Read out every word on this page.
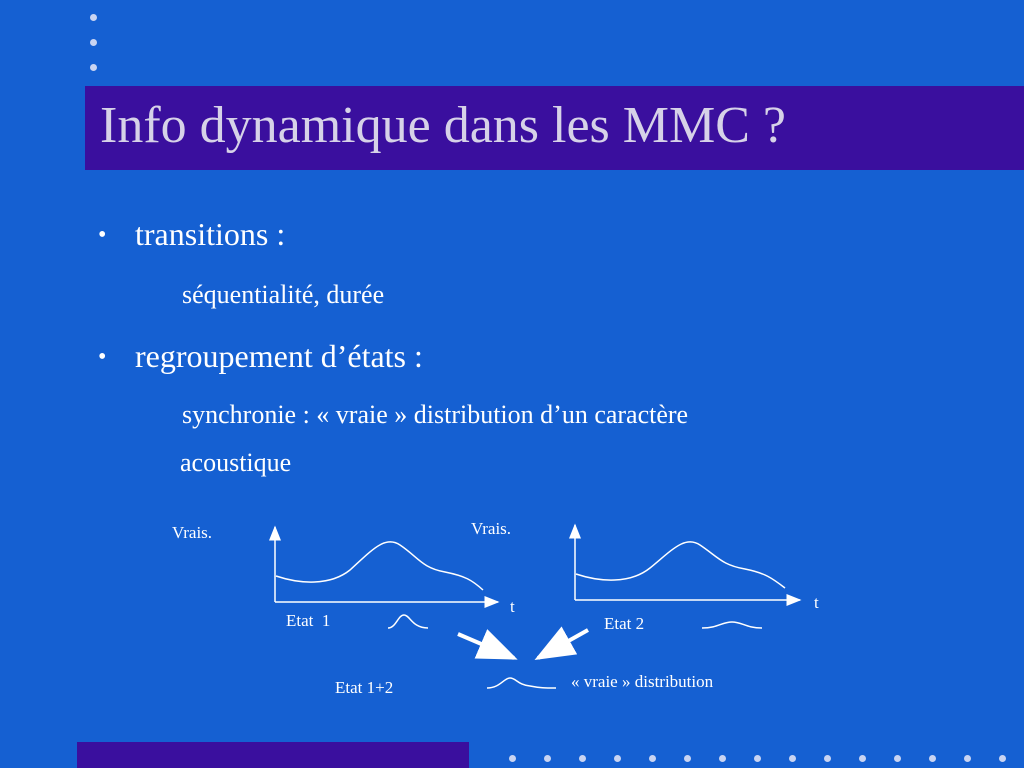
Info dynamique dans les MMC ?
• transitions :
séquentialité, durée
• regroupement d’états :
synchronie : « vraie » distribution d’un caractère
acoustique
Vrais.
t
Etat  1
Vrais.
t
Etat 2
Etat 1+2	« vraie » distribution
